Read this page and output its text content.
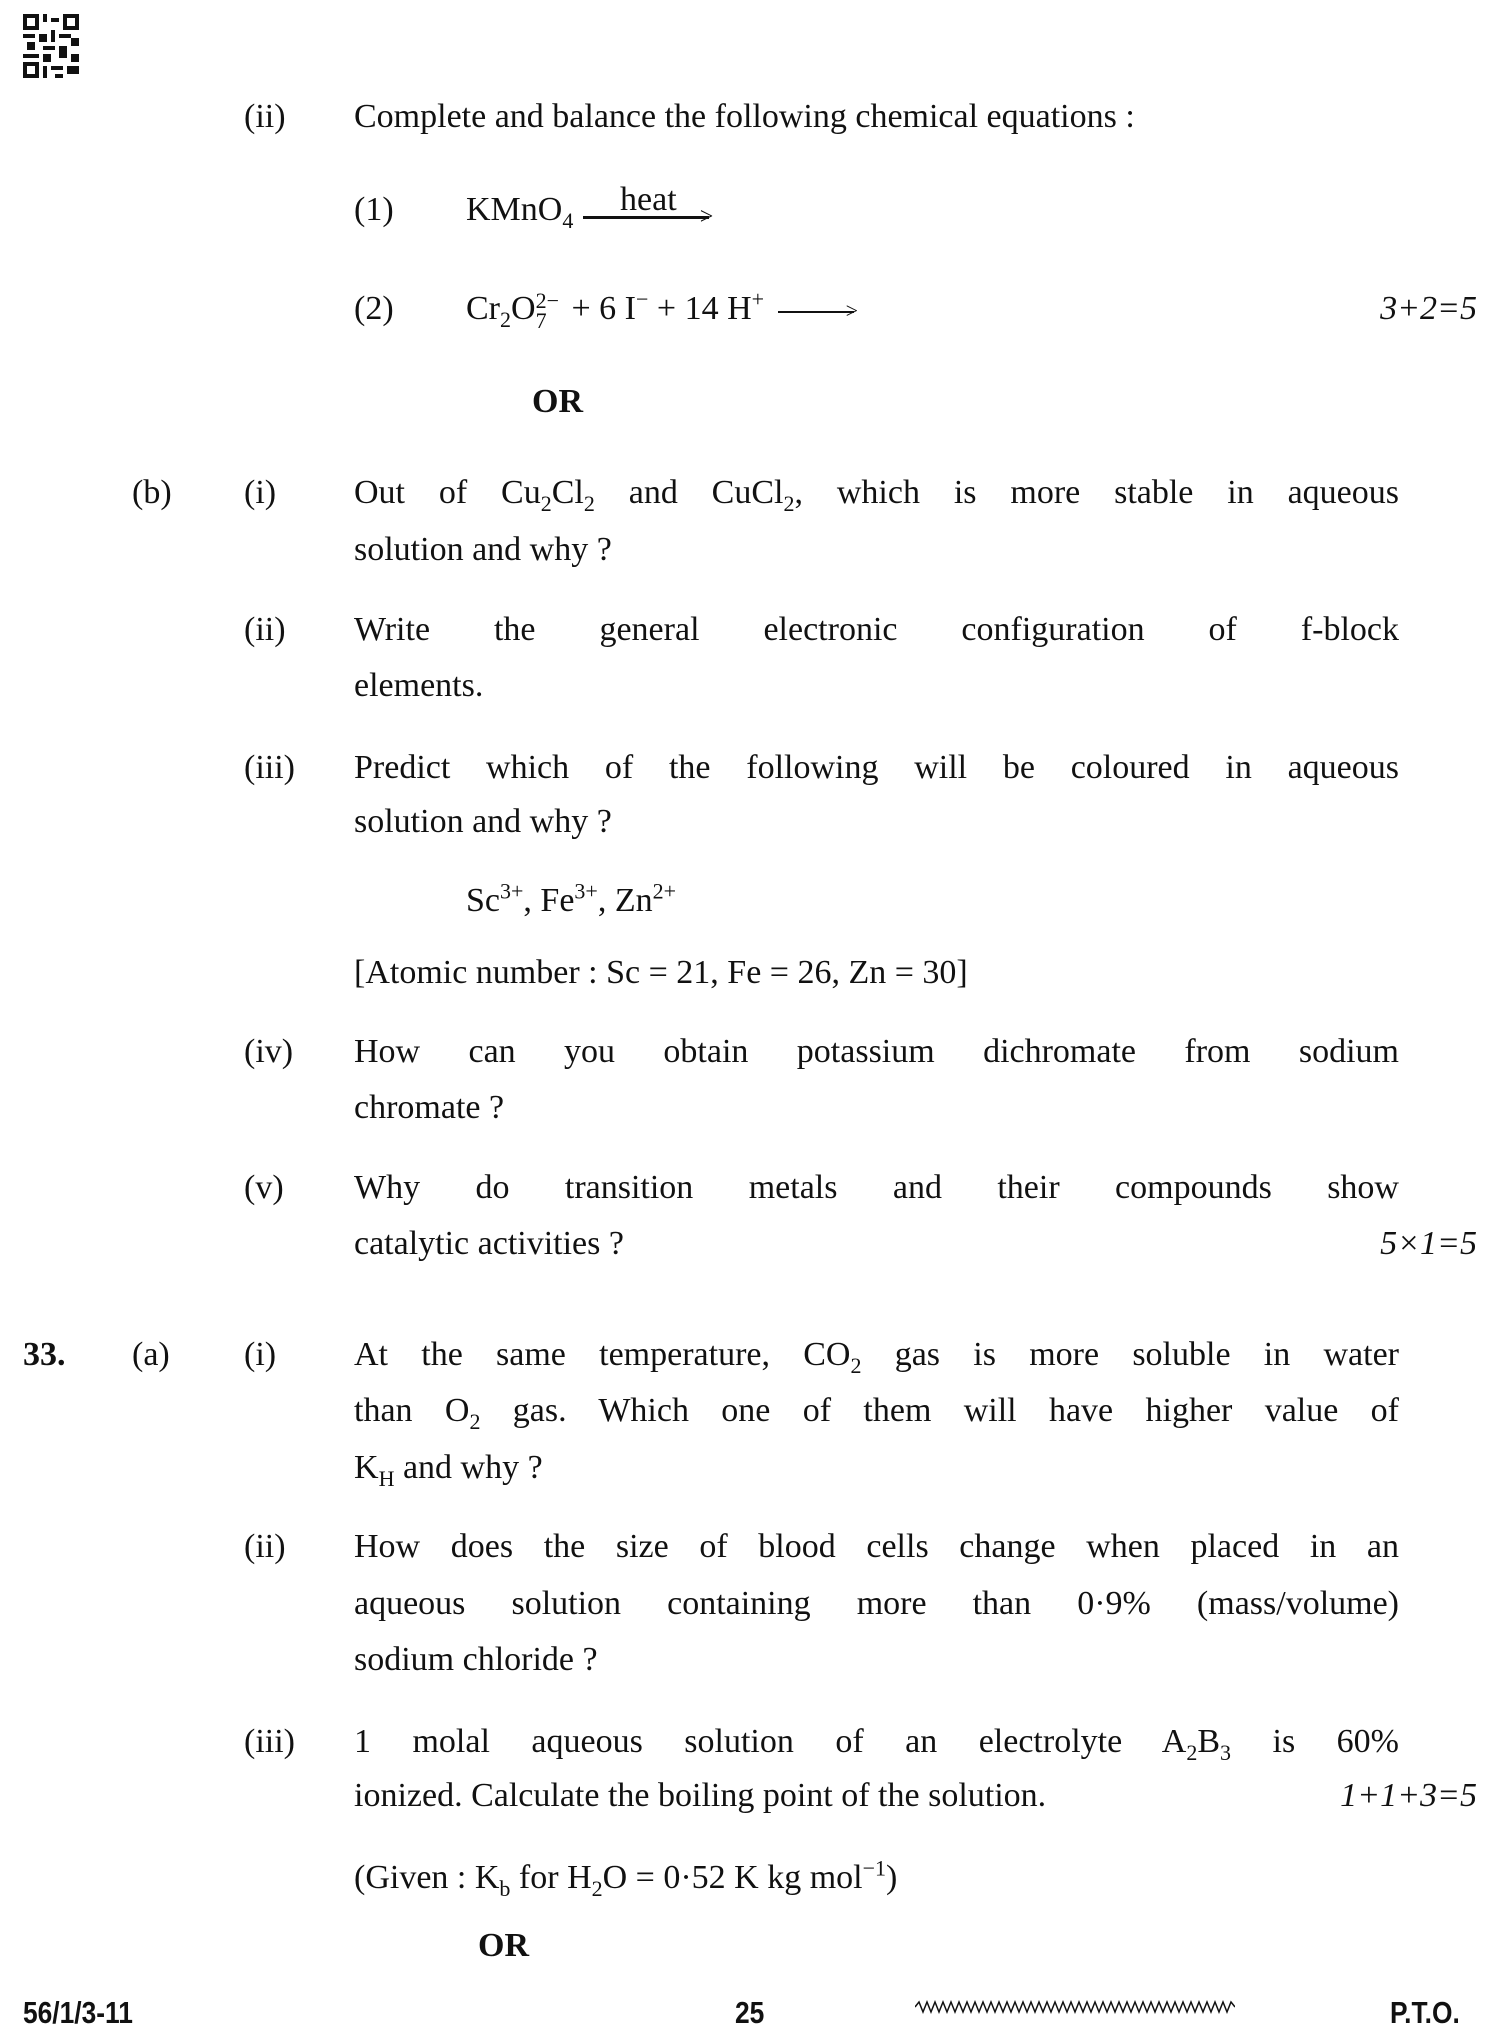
(ii) Complete and balance the following chemical equations :
(1) KMnO$_4$
heat >
(2) $Cr_2O$ 2−
7 + 6 I− + 14 H+	>	3+2=5
OR
(b) (i) Out of $Cu_2Cl_2$ and CuCl$_2$, which is more stable in aqueous
solution and why ?
(ii) Write the general electronic configuration of f-block
elements.
(iii) Predict which of the following will be coloured in aqueous
solution and why ?
$Sc^{3+}$, $Fe^{3+}$, $Zn^{2+}$
[Atomic number : Sc = 21, Fe = 26, Zn = 30]
(iv) How can you obtain potassium dichromate from sodium
chromate ?
(v) Why do transition metals and their compounds show
catalytic activities ?	5×1=5
33. (a) (i) At the same temperature, $CO_2$ gas is more soluble in water
than $O_2$ gas. Which one of them will have higher value of
$K_H$ and why ?
(ii) How does the size of blood cells change when placed in an
aqueous solution containing more than 0·9% (mass/volume)
sodium chloride ?
(iii) 1 molal aqueous solution of an electrolyte $A_2B_3$ is 60%
ionized. Calculate the boiling point of the solution.	1+1+3=5
(Given : $K_b$ for $H_2O = 0\cdot 52$ K kg mol$^{-1}$)
OR
56/1/3-11	25	P.T.O.
